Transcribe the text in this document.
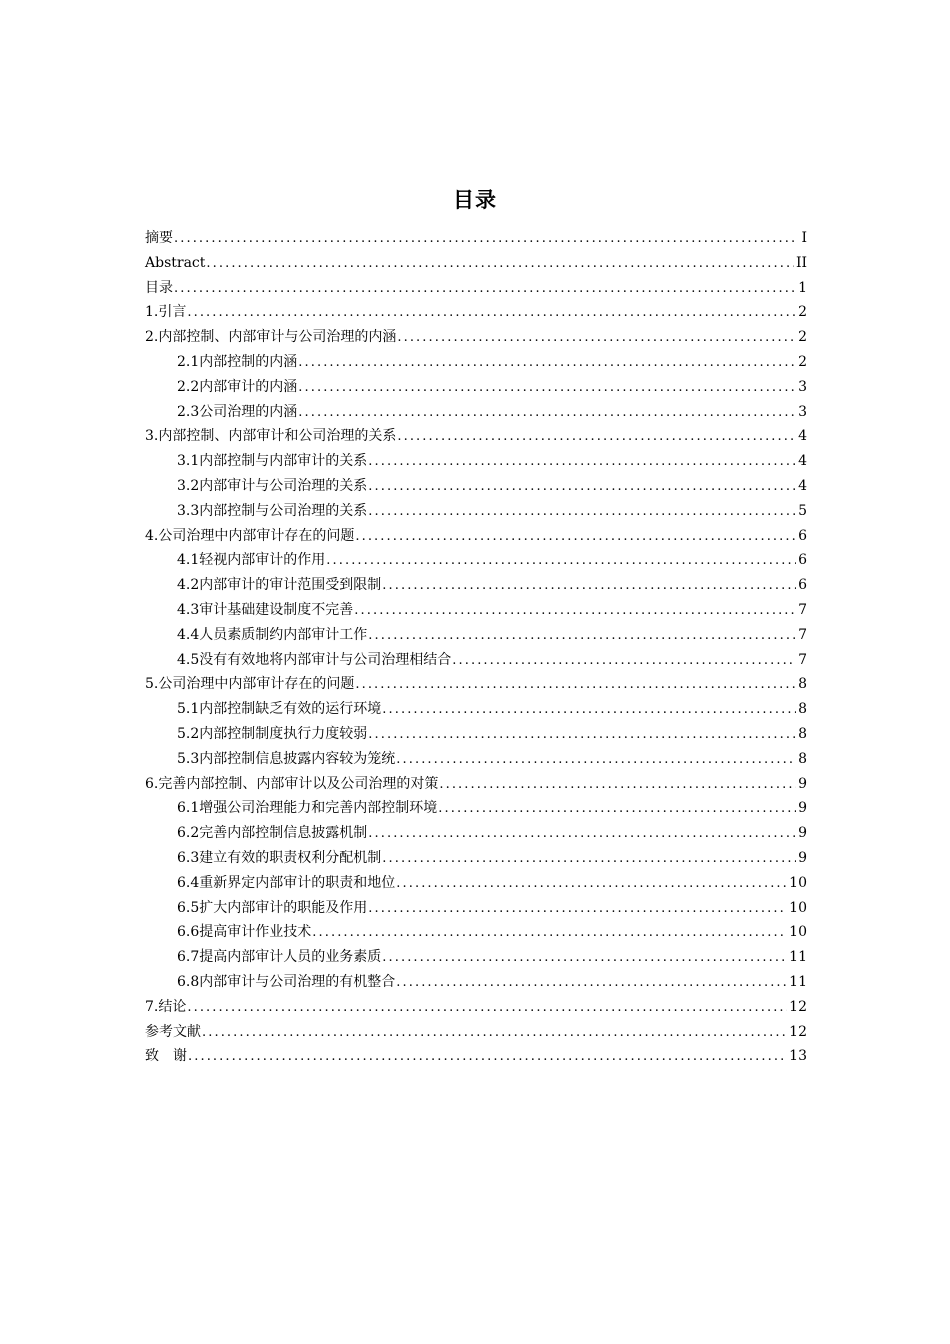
目录
摘要 .....	I
Abstract .....	II
目录 .....	1
1.引言 .....	2
2.内部控制、内部审计与公司治理的内涵 .....	2
2.1内部控制的内涵 .....	2
2.2内部审计的内涵 .....	3
2.3公司治理的内涵 .....	3
3.内部控制、内部审计和公司治理的关系 .....	4
3.1内部控制与内部审计的关系 .....	4
3.2内部审计与公司治理的关系 .....	4
3.3内部控制与公司治理的关系 .....	5
4.公司治理中内部审计存在的问题 .....	6
4.1轻视内部审计的作用 .....	6
4.2内部审计的审计范围受到限制 .....	6
4.3审计基础建设制度不完善 .....	7
4.4人员素质制约内部审计工作 .....	7
4.5没有有效地将内部审计与公司治理相结合 .....	7
5.公司治理中内部审计存在的问题 .....	8
5.1内部控制缺乏有效的运行环境 .....	8
5.2内部控制制度执行力度较弱 .....	8
5.3内部控制信息披露内容较为笼统 .....	8
6.完善内部控制、内部审计以及公司治理的对策 .....	9
6.1增强公司治理能力和完善内部控制环境 .....	9
6.2完善内部控制信息披露机制 .....	9
6.3建立有效的职责权利分配机制 .....	9
6.4重新界定内部审计的职责和地位 .....	10
6.5扩大内部审计的职能及作用 .....	10
6.6提高审计作业技术 .....	10
6.7提高内部审计人员的业务素质 .....	11
6.8内部审计与公司治理的有机整合 .....	11
7.结论 .....	12
参考文献 .....	12
致　谢 .....	13
